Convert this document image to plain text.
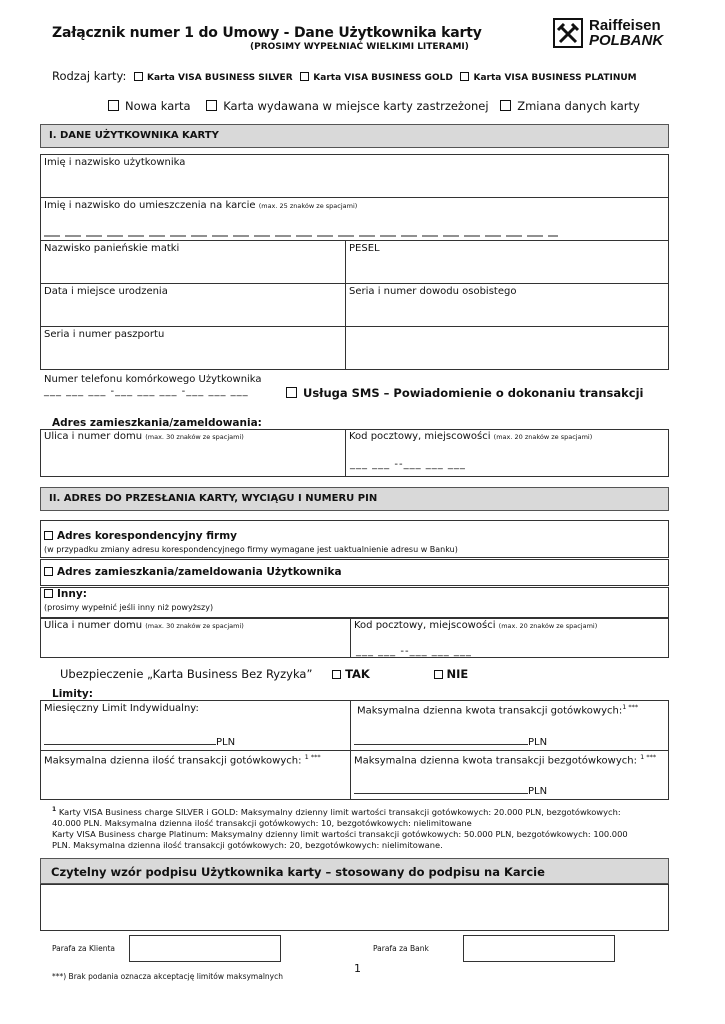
Załącznik numer 1 do Umowy - Dane Użytkownika karty
(PROSIMY WYPEŁNIAĆ WIELKIMI LITERAMI)
Raiffeisen
POLBANK
Rodzaj karty: Karta VISA BUSINESS SILVER Karta VISA BUSINESS GOLD Karta VISA BUSINESS PLATINUM
Nowa karta	Karta wydawana w miejsce karty zastrzeżonej Zmiana danych karty
I. DANE UŻYTKOWNIKA KARTY
Imię i nazwisko użytkownika
Imię i nazwisko do umieszczenia na karcie (max. 25 znaków ze spacjami)
Nazwisko panieńskie matki	PESEL
Data i miejsce urodzenia	Seria i numer dowodu osobistego
Seria i numer paszportu
Numer telefonu komórkowego Użytkownika
___ ___ ___ -___ ___ ___ -___ ___ ___	Usługa SMS – Powiadomienie o dokonaniu transakcji
Adres zamieszkania/zameldowania:
Ulica i numer domu (max. 30 znaków ze spacjami)	Kod pocztowy, miejscowości (max. 20 znaków ze spacjami)
___ ___ --___ ___ ___
II. ADRES DO PRZESŁANIA KARTY, WYCIĄGU I NUMERU PIN
Adres korespondencyjny firmy
(w przypadku zmiany adresu korespondencyjnego firmy wymagane jest uaktualnienie adresu w Banku)
Adres zamieszkania/zameldowania Użytkownika
Inny:
(prosimy wypełnić jeśli inny niż powyższy)
Ulica i numer domu (max. 30 znaków ze spacjami)	Kod pocztowy, miejscowości (max. 20 znaków ze spacjami)
___ ___ --___ ___ ___
Ubezpieczenie „Karta Business Bez Ryzyka”	TAK	NIE
Limity:
Miesięczny Limit Indywidualny:
PLN
Maksymalna dzienna kwota transakcji gotówkowych:$^{1 ***}$
PLN
Maksymalna dzienna ilość transakcji gotówkowych: $^{1 ***}$	Maksymalna dzienna kwota transakcji bezgotówkowych: $^{1 ***}$
PLN
$^1$ Karty VISA Business charge SILVER i GOLD: Maksymalny dzienny limit wartości transakcji gotówkowych: 20.000 PLN, bezgotówkowych:
40.000 PLN. Maksymalna dzienna ilość transakcji gotówkowych: 10, bezgotówkowych: nielimitowane
Karty VISA Business charge Platinum: Maksymalny dzienny limit wartości transakcji gotówkowych: 50.000 PLN, bezgotówkowych: 100.000
PLN. Maksymalna dzienna ilość transakcji gotówkowych: 20, bezgotówkowych: nielimitowane.
Czytelny wzór podpisu Użytkownika karty – stosowany do podpisu na Karcie
Parafa za Klienta	Parafa za Bank
1
***) Brak podania oznacza akceptację limitów maksymalnych
